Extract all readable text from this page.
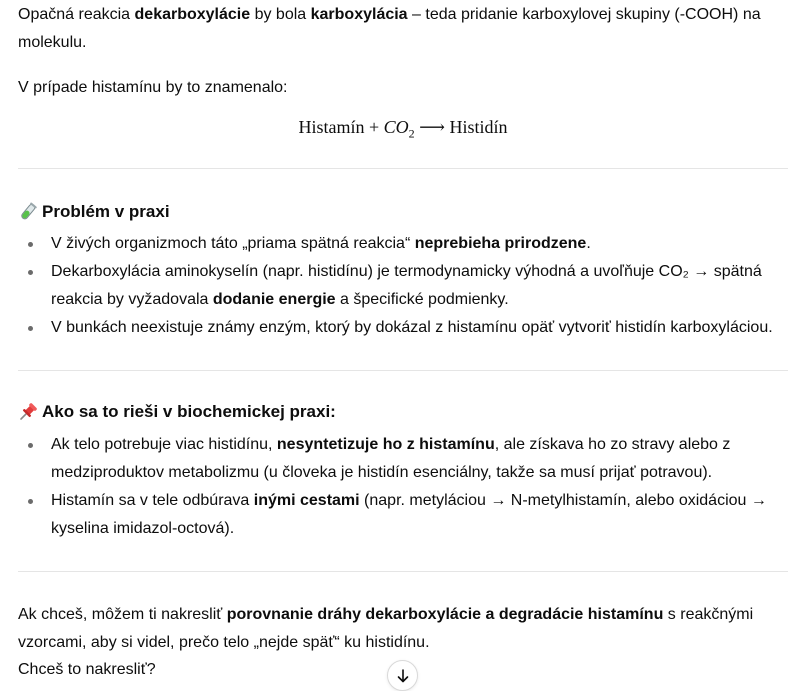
Opačná reakcia dekarboxylácie by bola karboxylácia – teda pridanie karboxylovej skupiny (-COOH) na molekulu.

V prípade histamínu by to znamenalo:

Histamín + $CO_2$ ⟶ Histidín
Problém v praxi
V živých organizmoch táto „priama spätná reakcia“ neprebieha prirodzene.
Dekarboxylácia aminokyselín (napr. histidínu) je termodynamicky výhodná a uvoľňuje CO₂ → spätná reakcia by vyžadovala dodanie energie a špecifické podmienky.
V bunkách neexistuje známy enzým, ktorý by dokázal z histamínu opäť vytvoriť histidín karboxyláciou.
Ako sa to rieši v biochemickej praxi:
Ak telo potrebuje viac histidínu, nesyntetizuje ho z histamínu, ale získava ho zo stravy alebo z medziproduktov metabolizmu (u človeka je histidín esenciálny, takže sa musí prijať potravou).
Histamín sa v tele odbúrava inými cestami (napr. metyláciou → N-metylhistamín, alebo oxidáciou → kyselina imidazol-octová).

Ak chceš, môžem ti nakresliť porovnanie dráhy dekarboxylácie a degradácie histamínu s reakčnými vzorcami, aby si videl, prečo telo „nejde späť“ ku histidínu.

Chceš to nakresliť?
